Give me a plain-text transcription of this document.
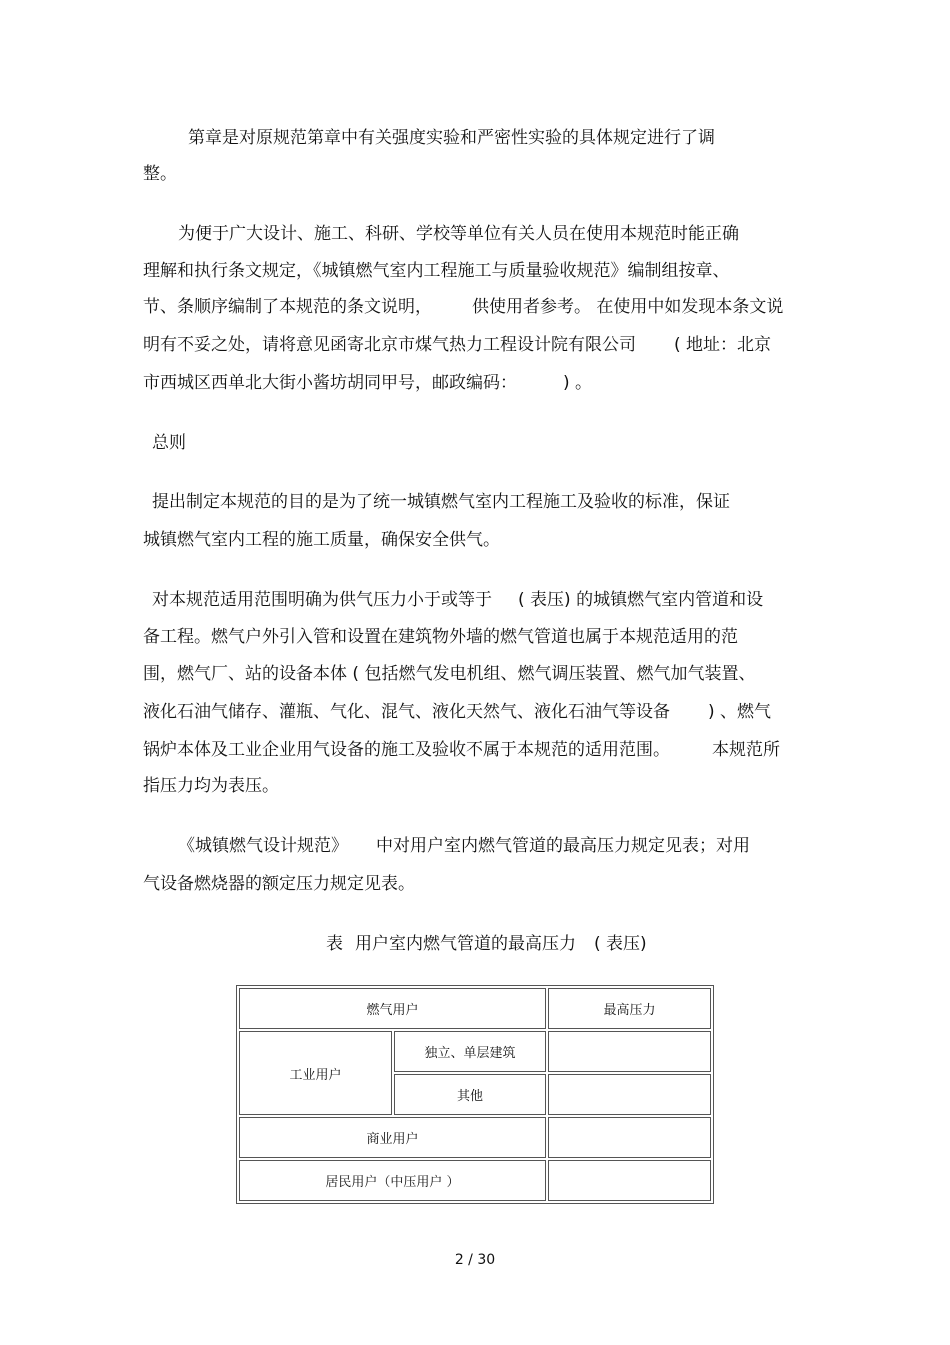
第章是对原规范第章中有关强度实验和严密性实验的具体规定进行了调
整。
为便于广大设计、施工、科研、学校等单位有关人员在使用本规范时能正确
理解和执行条文规定，《城镇燃气室内工程施工与质量验收规范》编制组按章、
节、条顺序编制了本规范的条文说明， 供使用者参考。 在使用中如发现本条文说
明有不妥之处，请将意见函寄北京市煤气热力工程设计院有限公司 ( 地址：北京
市西城区西单北大街小酱坊胡同甲号，邮政编码：	) 。
总则
提出制定本规范的目的是为了统一城镇燃气室内工程施工及验收的标准，保证
城镇燃气室内工程的施工质量，确保安全供气。
对本规范适用范围明确为供气压力小于或等于 ( 表压) 的城镇燃气室内管道和设
备工程。燃气户外引入管和设置在建筑物外墙的燃气管道也属于本规范适用的范
围，燃气厂、站的设备本体 ( 包括燃气发电机组、燃气调压装置、燃气加气装置、
液化石油气储存、灌瓶、气化、混气、液化天然气、液化石油气等设备 ) 、燃气
锅炉本体及工业企业用气设备的施工及验收不属于本规范的适用范围。 本规范所
指压力均为表压。
《城镇燃气设计规范》 中对用户室内燃气管道的最高压力规定见表；对用
气设备燃烧器的额定压力规定见表。
表 用户室内燃气管道的最高压力 ( 表压)
燃气用户		最高压力
工业用户	独立、单层建筑	
	其他	
商业用户		
居民用户（中压用户 ）		
2 / 30
